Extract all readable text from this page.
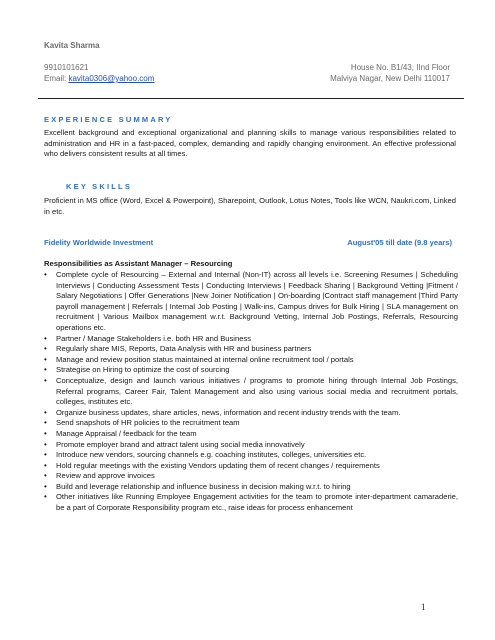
Kavita Sharma
9910101621	House No. B1/43, IInd Floor
Email: kavita0306@yahoo.com	Malviya Nagar, New Delhi 110017
EXPERIENCE SUMMARY
Excellent background and exceptional organizational and planning skills to manage various responsibilities related to administration and HR in a fast-paced, complex, demanding and rapidly changing environment. An effective professional who delivers consistent results at all times.
KEY SKILLS
Proficient in MS office (Word, Excel & Powerpoint), Sharepoint, Outlook, Lotus Notes, Tools like WCN, Naukri.com, Linked in etc.
Fidelity Worldwide Investment	August'05 till date (9.8 years)
Responsibilities as Assistant Manager – Resourcing
• Complete cycle of Resourcing – External and Internal (Non-IT) across all levels i.e. Screening Resumes | Scheduling Interviews | Conducting Assessment Tests | Conducting Interviews | Feedback Sharing | Background Vetting |Fitment / Salary Negotiations | Offer Generations |New Joiner Notification | On-boarding |Contract staff management |Third Party payroll management | Referrals | Internal Job Posting | Walk-ins, Campus drives for Bulk Hiring | SLA management on recruitment | Various Mailbox management w.r.t. Background Vetting, Internal Job Postings, Referrals, Resourcing operations etc.
• Partner / Manage Stakeholders i.e. both HR and Business
• Regularly share MIS, Reports, Data Analysis with HR and business partners
• Manage and review position status maintained at internal online recruitment tool / portals
• Strategise on Hiring to optimize the cost of sourcing
• Conceptualize, design and launch various initiatives / programs to promote hiring through Internal Job Postings, Referral programs, Career Fair, Talent Management and also using various social media and recruitment portals, colleges, institutes etc.
• Organize business updates, share articles, news, information and recent industry trends with the team.
• Send snapshots of HR policies to the recruitment team
• Manage Appraisal / feedback for the team
• Promote employer brand and attract talent using social media innovatively
• Introduce new vendors, sourcing channels e.g. coaching institutes, colleges, universities etc.
• Hold regular meetings with the existing Vendors updating them of recent changes / requirements
• Review and approve invoices
• Build and leverage relationship and influence business in decision making w.r.t. to hiring
• Other initiatives like Running Employee Engagement activities for the team to promote inter-department camaraderie, be a part of Corporate Responsibility program etc., raise ideas for process enhancement
1
